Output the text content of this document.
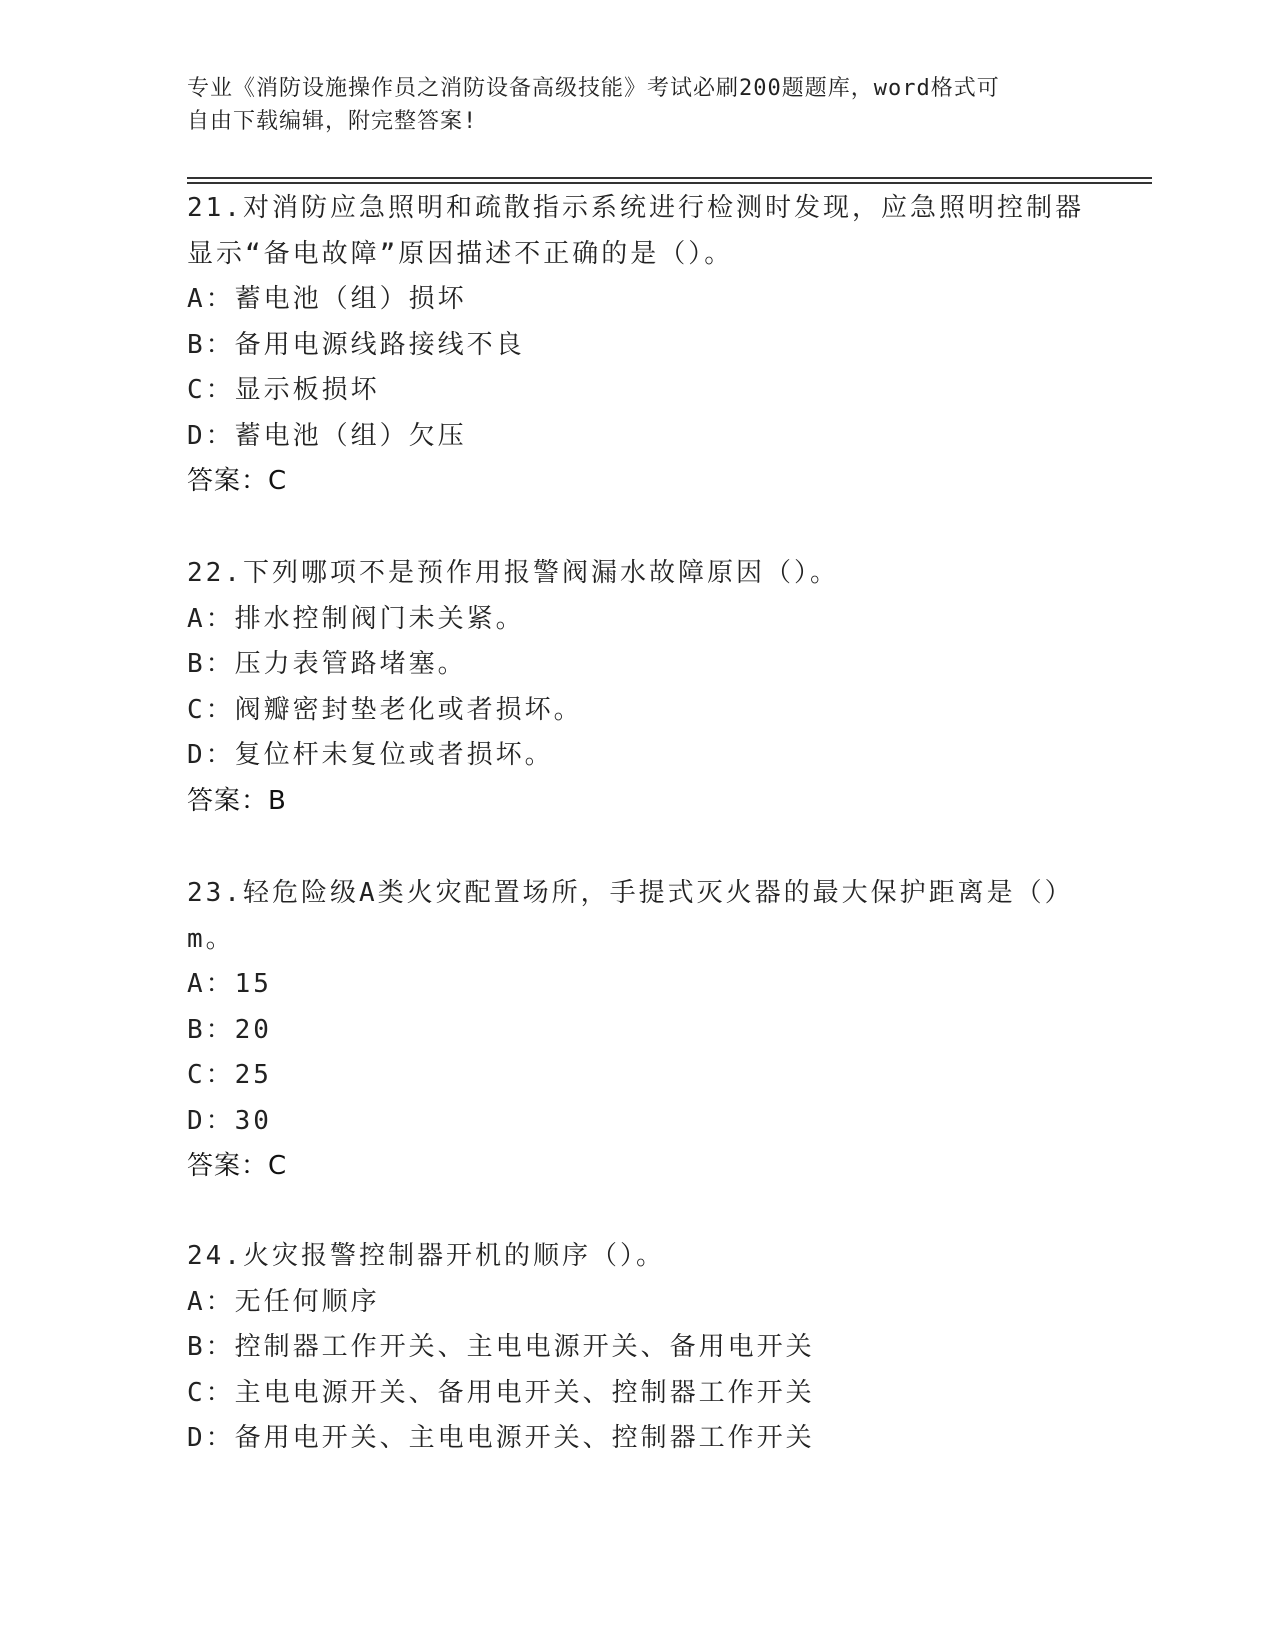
专业《消防设施操作员之消防设备高级技能》考试必刷200题题库，word格式可
自由下载编辑，附完整答案!
21.对消防应急照明和疏散指示系统进行检测时发现，应急照明控制器
显示“备电故障”原因描述不正确的是（）。
A：蓄电池（组）损坏
B：备用电源线路接线不良
C：显示板损坏
D：蓄电池（组）欠压
答案：C
22.下列哪项不是预作用报警阀漏水故障原因（）。
A：排水控制阀门未关紧。
B：压力表管路堵塞。
C：阀瓣密封垫老化或者损坏。
D：复位杆未复位或者损坏。
答案：B
23.轻危险级A类火灾配置场所，手提式灭火器的最大保护距离是（）
m。
A：15
B：20
C：25
D：30
答案：C
24.火灾报警控制器开机的顺序（）。
A：无任何顺序
B：控制器工作开关、主电电源开关、备用电开关
C：主电电源开关、备用电开关、控制器工作开关
D：备用电开关、主电电源开关、控制器工作开关
